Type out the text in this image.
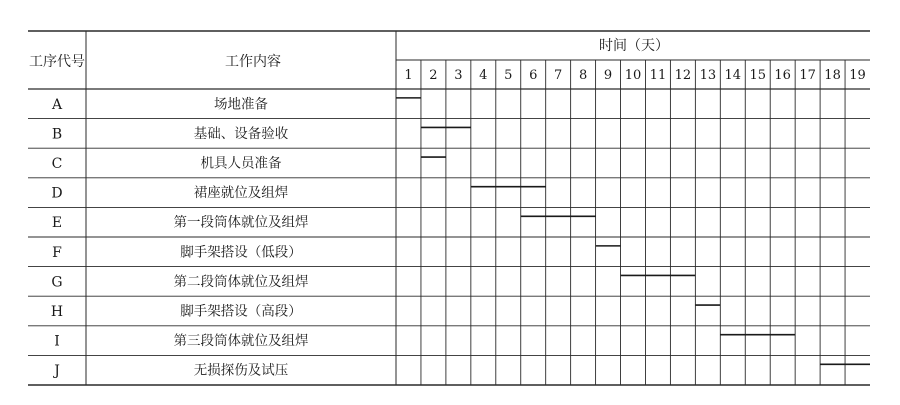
工序代号	工作内容
时间（天）
1 2 3 4 5 6 7 8 9 10 11 12 13 14 15 16 17 18 19
A	场地准备
B	基础、设备验收
C	机具人员准备
D	裙座就位及组焊
E	第一段筒体就位及组焊
F	脚手架搭设（低段）
G	第二段筒体就位及组焊
H	脚手架搭设（高段）
I	第三段筒体就位及组焊
J	无损探伤及试压
